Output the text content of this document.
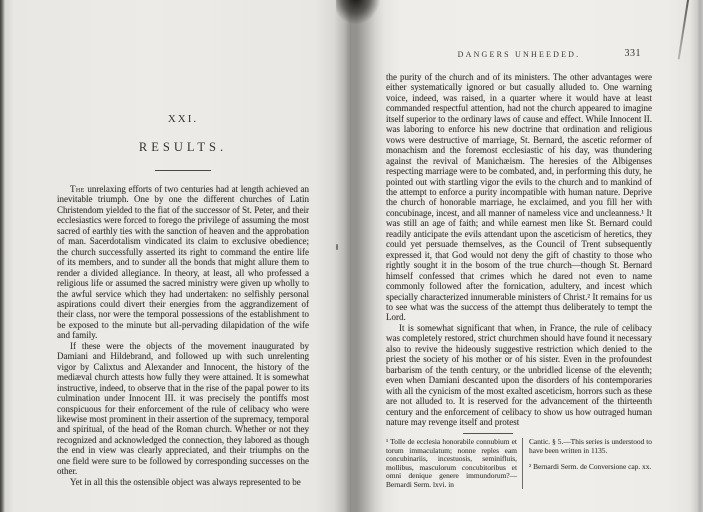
XXI.
RESULTS.

The unrelaxing efforts of two centuries had at length achieved an inevitable triumph. One by one the different churches of Latin Christendom yielded to the fiat of the successor of St. Peter, and their ecclesiastics were forced to forego the privilege of assuming the most sacred of earthly ties with the sanction of heaven and the approbation of man. Sacerdotalism vindicated its claim to exclusive obedience; the church successfully asserted its right to command the entire life of its members, and to sunder all the bonds that might allure them to render a divided allegiance. In theory, at least, all who professed a religious life or assumed the sacred ministry were given up wholly to the awful service which they had undertaken: no selfishly personal aspirations could divert their energies from the aggrandizement of their class, nor were the temporal possessions of the establishment to be exposed to the minute but all-pervading dilapidation of the wife and family.

If these were the objects of the movement inaugurated by Damiani and Hildebrand, and followed up with such unrelenting vigor by Calixtus and Alexander and Innocent, the history of the mediæval church attests how fully they were attained. It is somewhat instructive, indeed, to observe that in the rise of the papal power to its culmination under Innocent III. it was precisely the pontiffs most conspicuous for their enforcement of the rule of celibacy who were likewise most prominent in their assertion of the supremacy, temporal and spiritual, of the head of the Roman church. Whether or not they recognized and acknowledged the connection, they labored as though the end in view was clearly appreciated, and their triumphs on the one field were sure to be followed by corresponding successes on the other.

Yet in all this the ostensible object was always represented to be

DANGERS UNHEEDED.	331

the purity of the church and of its ministers. The other advantages were either systematically ignored or but casually alluded to. One warning voice, indeed, was raised, in a quarter where it would have at least commanded respectful attention, had not the church appeared to imagine itself superior to the ordinary laws of cause and effect. While Innocent II. was laboring to enforce his new doctrine that ordination and religious vows were destructive of marriage, St. Bernard, the ascetic reformer of monachism and the foremost ecclesiastic of his day, was thundering against the revival of Manichæism. The heresies of the Albigenses respecting marriage were to be combated, and, in performing this duty, he pointed out with startling vigor the evils to the church and to mankind of the attempt to enforce a purity incompatible with human nature. Deprive the church of honorable marriage, he exclaimed, and you fill her with concubinage, incest, and all manner of nameless vice and uncleanness.¹ It was still an age of faith; and while earnest men like St. Bernard could readily anticipate the evils attendant upon the asceticism of heretics, they could yet persuade themselves, as the Council of Trent subsequently expressed it, that God would not deny the gift of chastity to those who rightly sought it in the bosom of the true church—though St. Bernard himself confessed that crimes which he dared not even to name commonly followed after the fornication, adultery, and incest which specially characterized innumerable ministers of Christ.² It remains for us to see what was the success of the attempt thus deliberately to tempt the Lord.

It is somewhat significant that when, in France, the rule of celibacy was completely restored, strict churchmen should have found it necessary also to revive the hideously suggestive restriction which denied to the priest the society of his mother or of his sister. Even in the profoundest barbarism of the tenth century, or the unbridled license of the eleventh; even when Damiani descanted upon the disorders of his contemporaries with all the cynicism of the most exalted asceticism, horrors such as these are not alluded to. It is reserved for the advancement of the thirteenth century and the enforcement of celibacy to show us how outraged human nature may revenge itself and protest

¹ Tolle de ecclesia honorabile connubium et torum immaculatum; nonne reples eam concubinariis, incestuosis, seminifluis, mollibus, masculorum concubitoribus et omni denique genere immundorum?—Bernardi Serm. lxvi. in

Cantic. § 5.—This series is understood to have been written in 1135.

² Bernardi Serm. de Conversione cap. xx.
